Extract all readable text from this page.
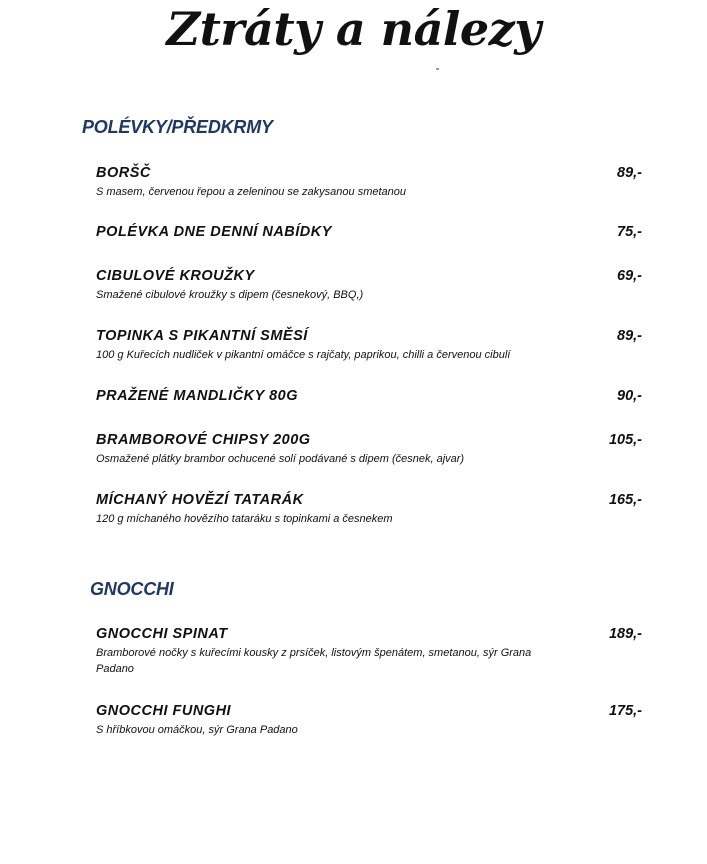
Ztráty a nálezy
POLÉVKY/PŘEDKRMY
BORŠČ	89,-
S masem, červenou řepou a zeleninou se zakysanou smetanou
POLÉVKA DNE DENNÍ NABÍDKY	75,-
CIBULOVÉ KROUŽKY	69,-
Smažené cibulové kroužky s dipem (česnekový, BBQ,)
TOPINKA S PIKANTNÍ SMĚSÍ	89,-
100 g Kuřecích nudliček v pikantní omáčce s rajčaty, paprikou, chilli a červenou cibulí
PRAŽENÉ MANDLIČKY 80G	90,-
BRAMBOROVÉ CHIPSY 200G	105,-
Osmažené plátky brambor ochucené solí podávané s dipem (česnek, ajvar)
MÍCHANÝ HOVĚZÍ TATARÁK	165,-
120 g míchaného hovězího tataráku s topinkami a česnekem
GNOCCHI
GNOCCHI SPINAT	189,-
Bramborové nočky s kuřecími kousky z prsíček, listovým špenátem, smetanou, sýr Grana Padano
GNOCCHI FUNGHI	175,-
S hříbkovou omáčkou, sýr Grana Padano
